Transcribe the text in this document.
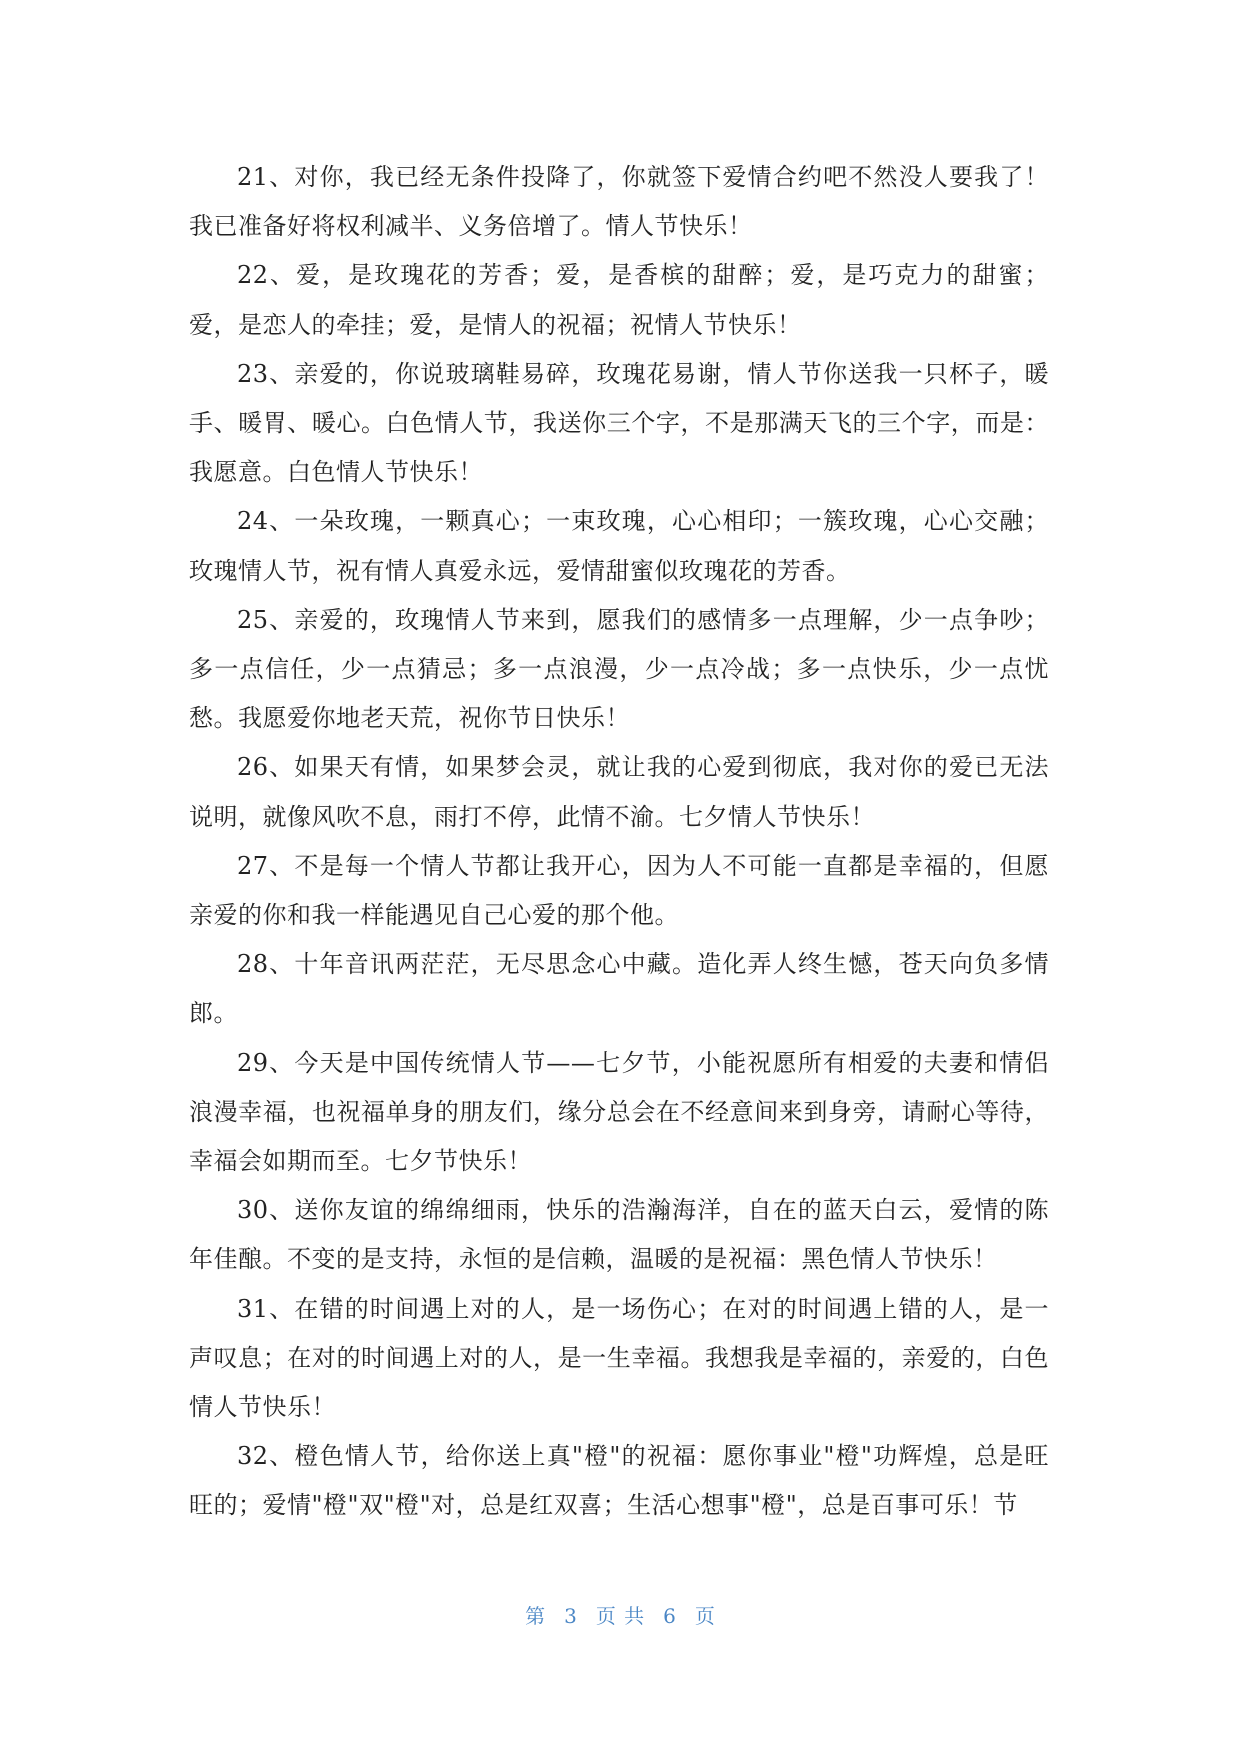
21、对你，我已经无条件投降了，你就签下爱情合约吧不然没人要我了！我已准备好将权利减半、义务倍增了。情人节快乐！

22、爱，是玫瑰花的芳香；爱，是香槟的甜醉；爱，是巧克力的甜蜜；爱，是恋人的牵挂；爱，是情人的祝福；祝情人节快乐！

23、亲爱的，你说玻璃鞋易碎，玫瑰花易谢，情人节你送我一只杯子，暖手、暖胃、暖心。白色情人节，我送你三个字，不是那满天飞的三个字，而是：我愿意。白色情人节快乐！

24、一朵玫瑰，一颗真心；一束玫瑰，心心相印；一簇玫瑰，心心交融；玫瑰情人节，祝有情人真爱永远，爱情甜蜜似玫瑰花的芳香。

25、亲爱的，玫瑰情人节来到，愿我们的感情多一点理解，少一点争吵；多一点信任，少一点猜忌；多一点浪漫，少一点冷战；多一点快乐，少一点忧愁。我愿爱你地老天荒，祝你节日快乐！

26、如果天有情，如果梦会灵，就让我的心爱到彻底，我对你的爱已无法说明，就像风吹不息，雨打不停，此情不渝。七夕情人节快乐！

27、不是每一个情人节都让我开心，因为人不可能一直都是幸福的，但愿亲爱的你和我一样能遇见自己心爱的那个他。

28、十年音讯两茫茫，无尽思念心中藏。造化弄人终生憾，苍天向负多情郎。

29、今天是中国传统情人节——七夕节，小能祝愿所有相爱的夫妻和情侣浪漫幸福，也祝福单身的朋友们，缘分总会在不经意间来到身旁，请耐心等待，幸福会如期而至。七夕节快乐！

30、送你友谊的绵绵细雨，快乐的浩瀚海洋，自在的蓝天白云，爱情的陈年佳酿。不变的是支持，永恒的是信赖，温暖的是祝福：黑色情人节快乐！

31、在错的时间遇上对的人，是一场伤心；在对的时间遇上错的人，是一声叹息；在对的时间遇上对的人，是一生幸福。我想我是幸福的，亲爱的，白色情人节快乐！

32、橙色情人节，给你送上真"橙"的祝福：愿你事业"橙"功辉煌，总是旺旺的；爱情"橙"双"橙"对，总是红双喜；生活心想事"橙"，总是百事可乐！节

第 3 页 共 6 页
